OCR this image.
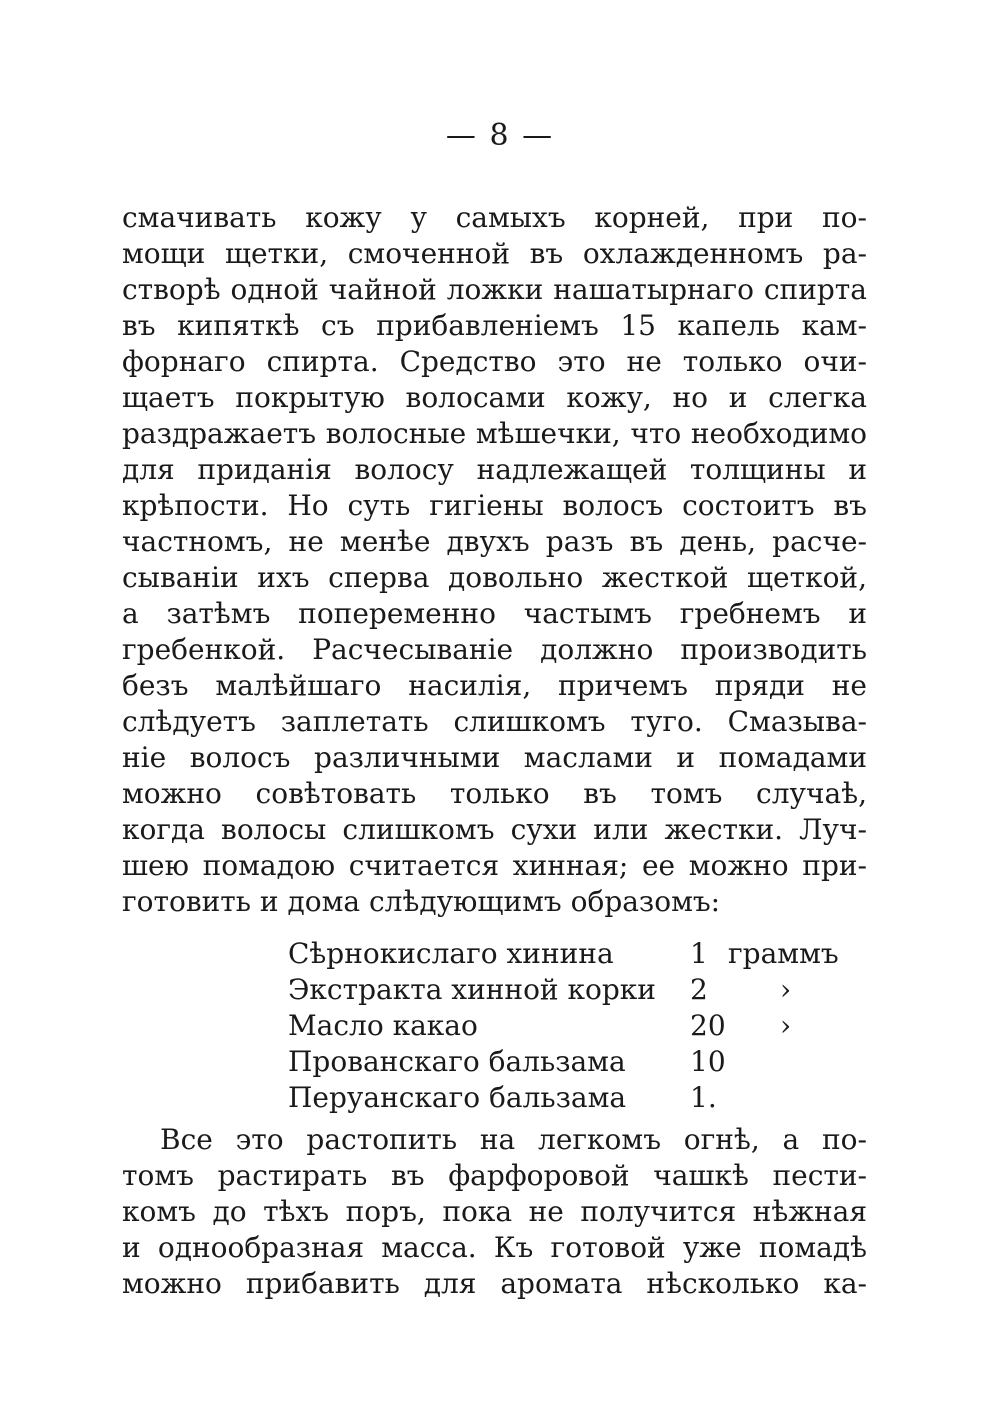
— 8 —
смачивать кожу у самыхъ корней, при по-
мощи щетки, смоченной въ охлажденномъ ра-
створѣ одной чайной ложки нашатырнаго спирта
въ кипяткѣ съ прибавленіемъ 15 капель кам-
форнаго спирта. Средство это не только очи-
щаетъ покрытую волосами кожу, но и слегка
раздражаетъ волосные мѣшечки, что необходимо
для приданія волосу надлежащей толщины и
крѣпости. Но суть гигіены волосъ состоитъ въ
частномъ, не менѣе двухъ разъ въ день, расче-
сываніи ихъ сперва довольно жесткой щеткой,
а затѣмъ попеременно частымъ гребнемъ и
гребенкой. Расчесываніе должно производить
безъ малѣйшаго насилія, причемъ пряди не
слѣдуетъ заплетать слишкомъ туго. Смазыва-
ніе волосъ различными маслами и помадами
можно совѣтовать только въ томъ случаѣ,
когда волосы слишкомъ сухи или жестки. Луч-
шею помадою считается хинная; ее можно при-
готовить и дома слѣдующимъ образомъ:
Сѣрнокислаго хинина	1 граммъ
Экстракта хинной корки 2	›
Масло какао	20 ›
Прованскаго бальзама 10
Перуанскаго бальзама 1.
Все это растопить на легкомъ огнѣ, а по-
томъ растирать въ фарфоровой чашкѣ пести-
комъ до тѣхъ поръ, пока не получится нѣжная
и однообразная масса. Къ готовой уже помадѣ
можно прибавить для аромата нѣсколько ка-
